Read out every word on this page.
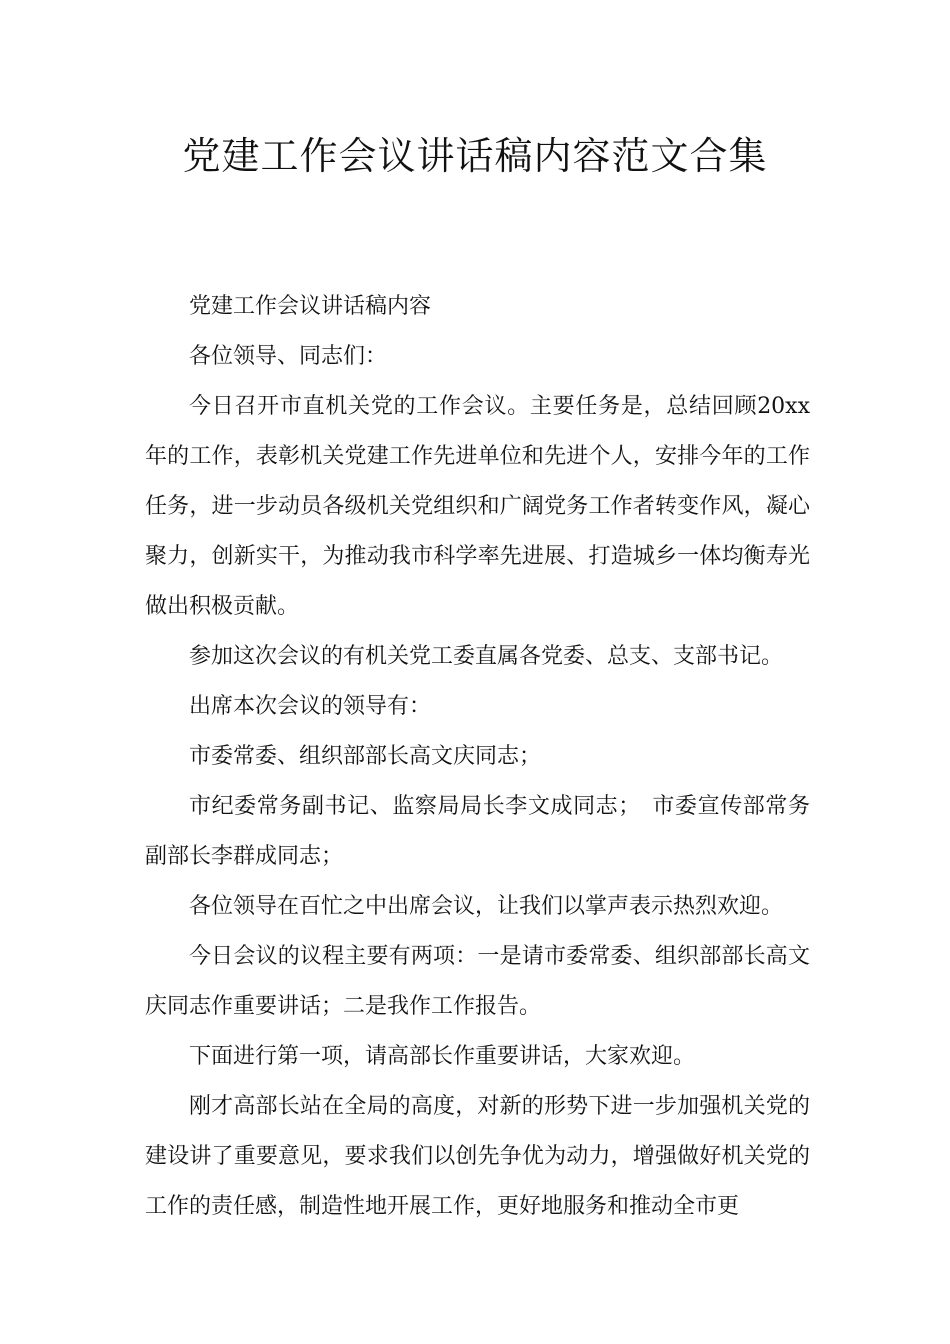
党建工作会议讲话稿内容范文合集

党建工作会议讲话稿内容

各位领导、同志们：

今日召开市直机关党的工作会议。主要任务是，总结回顾20xx年的工作，表彰机关党建工作先进单位和先进个人，安排今年的工作任务，进一步动员各级机关党组织和广阔党务工作者转变作风，凝心聚力，创新实干，为推动我市科学率先进展、打造城乡一体均衡寿光做出积极贡献。

参加这次会议的有机关党工委直属各党委、总支、支部书记。

出席本次会议的领导有：

市委常委、组织部部长高文庆同志；

市纪委常务副书记、监察局局长李文成同志；　市委宣传部常务副部长李群成同志；

各位领导在百忙之中出席会议，让我们以掌声表示热烈欢迎。

今日会议的议程主要有两项：一是请市委常委、组织部部长高文庆同志作重要讲话；二是我作工作报告。

下面进行第一项，请高部长作重要讲话，大家欢迎。

刚才高部长站在全局的高度，对新的形势下进一步加强机关党的建设讲了重要意见，要求我们以创先争优为动力，增强做好机关党的工作的责任感，制造性地开展工作，更好地服务和推动全市更
